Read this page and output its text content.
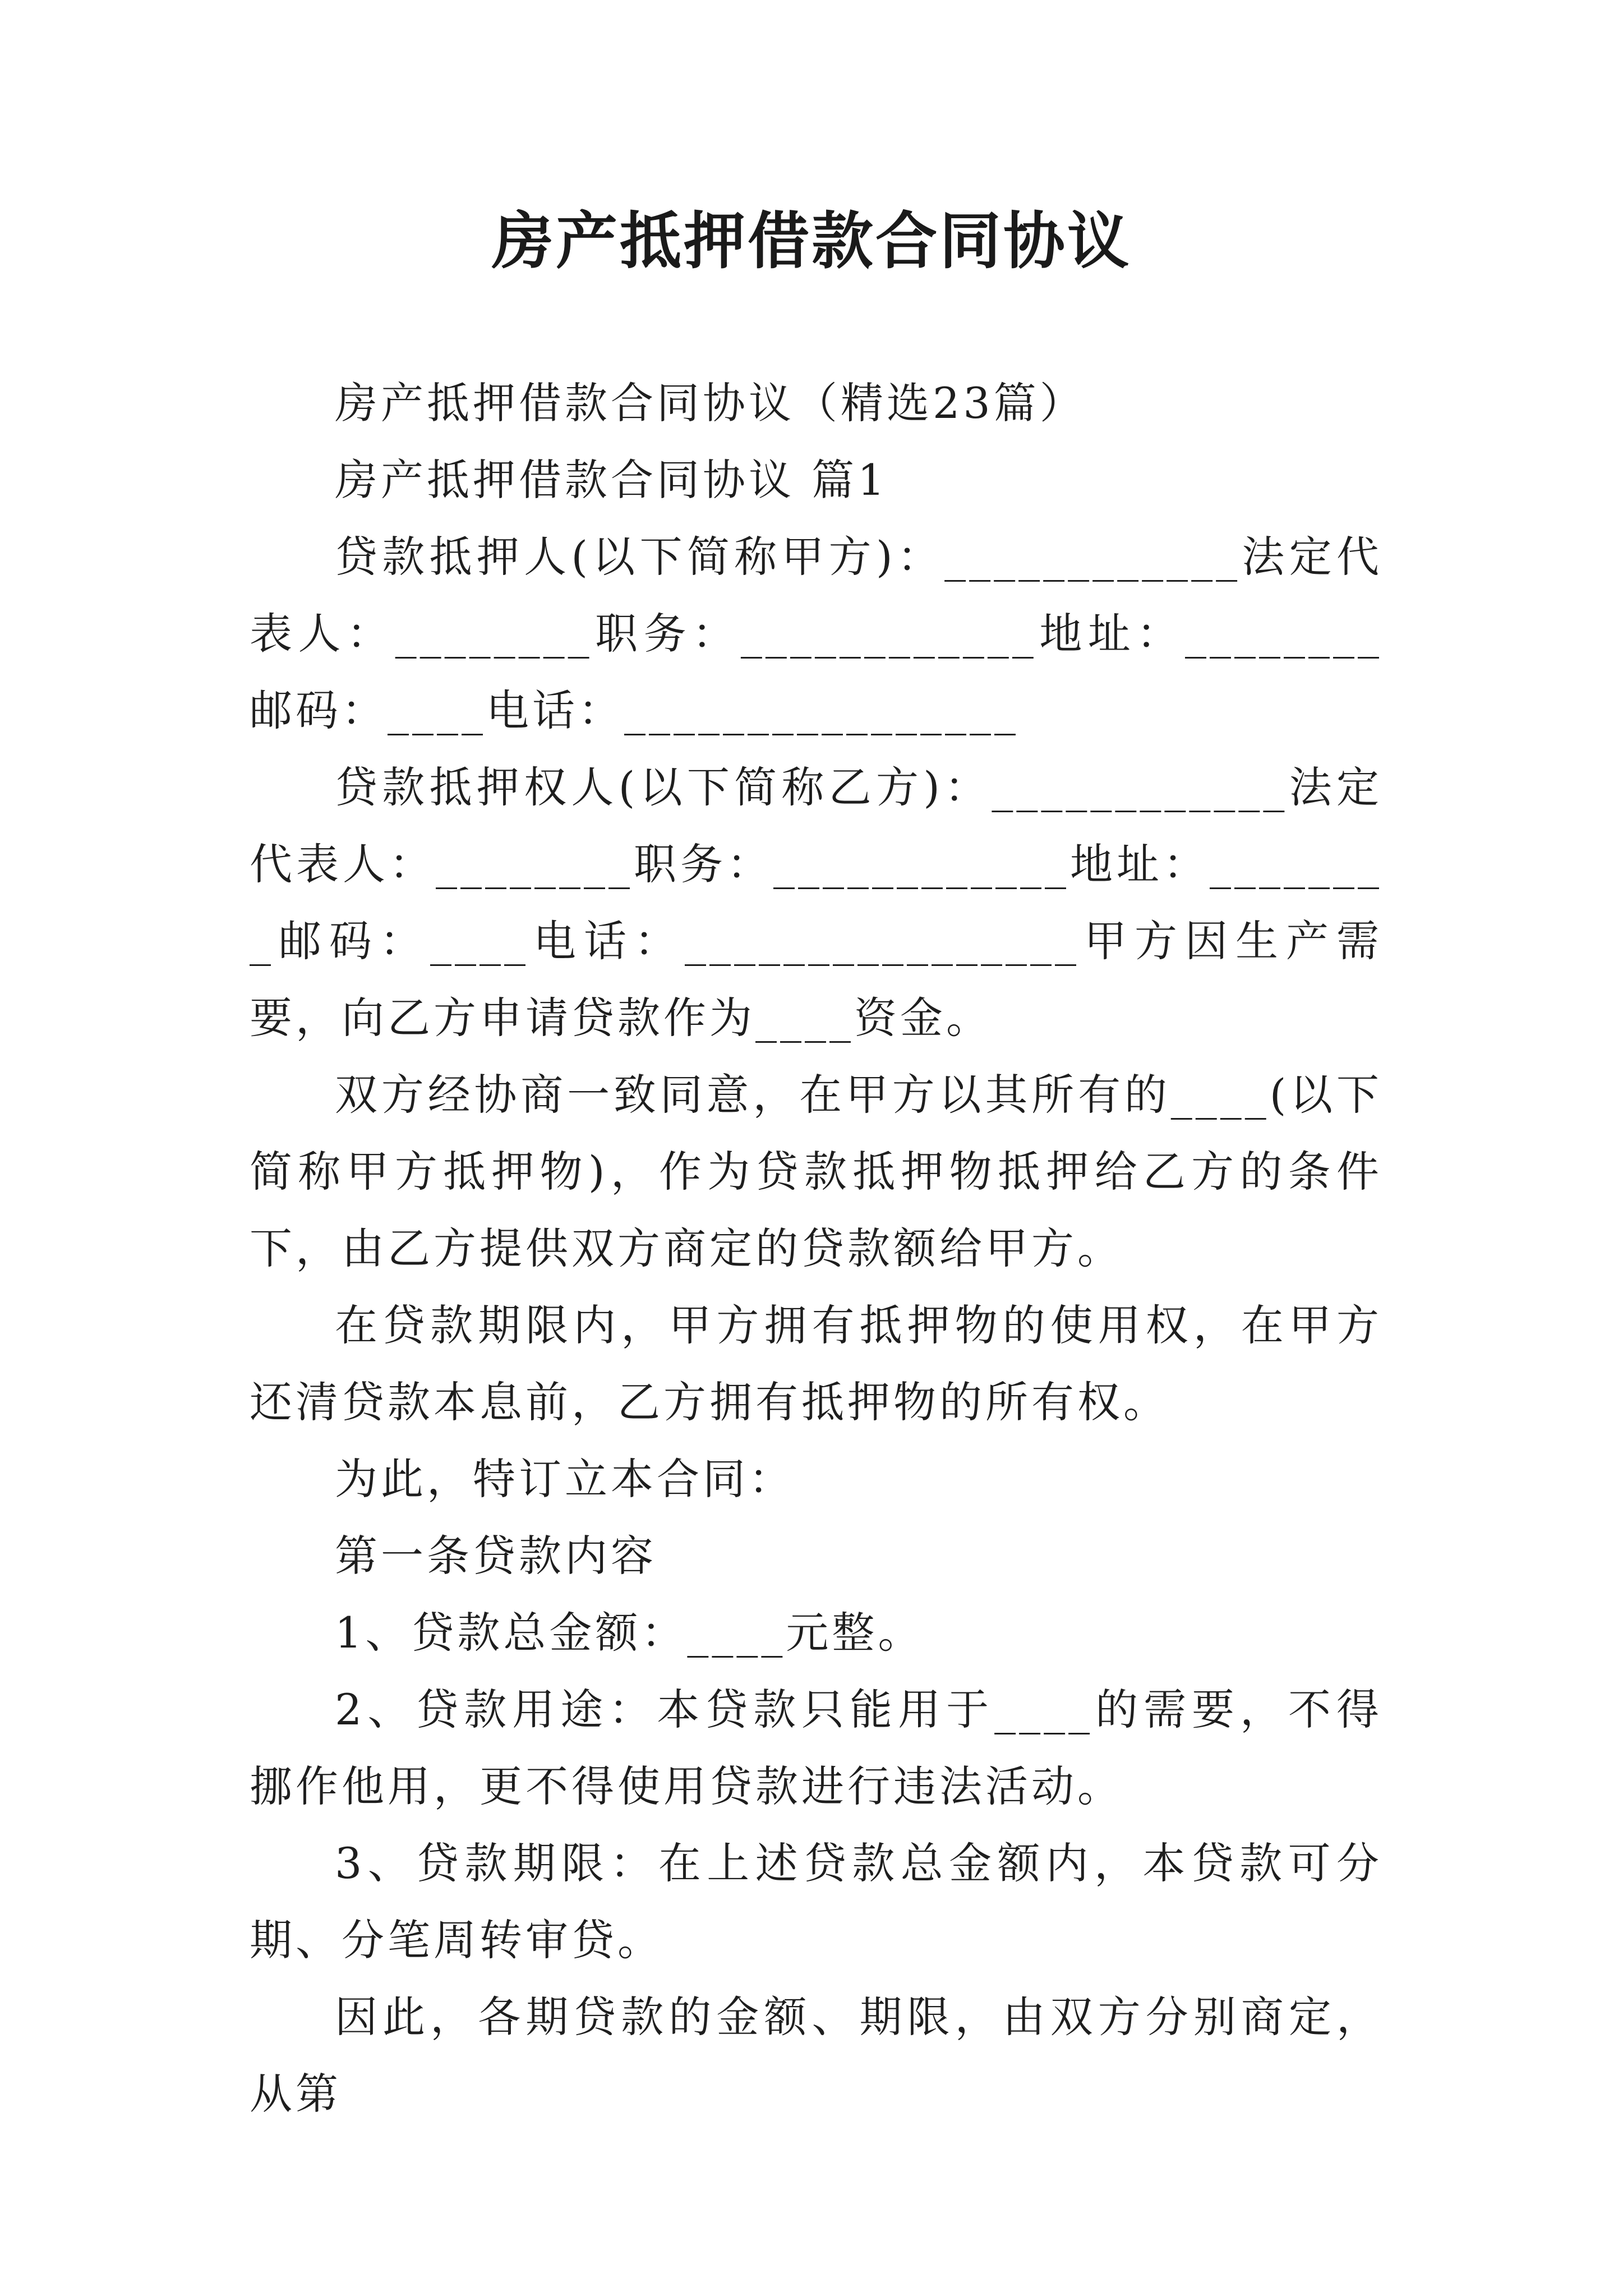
房产抵押借款合同协议

房产抵押借款合同协议（精选23篇）

房产抵押借款合同协议 篇1

贷款抵押人(以下简称甲方)：____________法定代表人：________职务：____________地址：________邮码：____电话：________________

贷款抵押权人(以下简称乙方)：____________法定代表人：________职务：____________地址：________邮码：____电话：________________甲方因生产需要，向乙方申请贷款作为____资金。

双方经协商一致同意，在甲方以其所有的____(以下简称甲方抵押物)，作为贷款抵押物抵押给乙方的条件下，由乙方提供双方商定的贷款额给甲方。

在贷款期限内，甲方拥有抵押物的使用权，在甲方还清贷款本息前，乙方拥有抵押物的所有权。

为此，特订立本合同：

第一条贷款内容

1、贷款总金额：____元整。

2、贷款用途：本贷款只能用于____的需要，不得挪作他用，更不得使用贷款进行违法活动。

3、贷款期限：在上述贷款总金额内，本贷款可分期、分笔周转审贷。

因此，各期贷款的金额、期限，由双方分别商定，从第
